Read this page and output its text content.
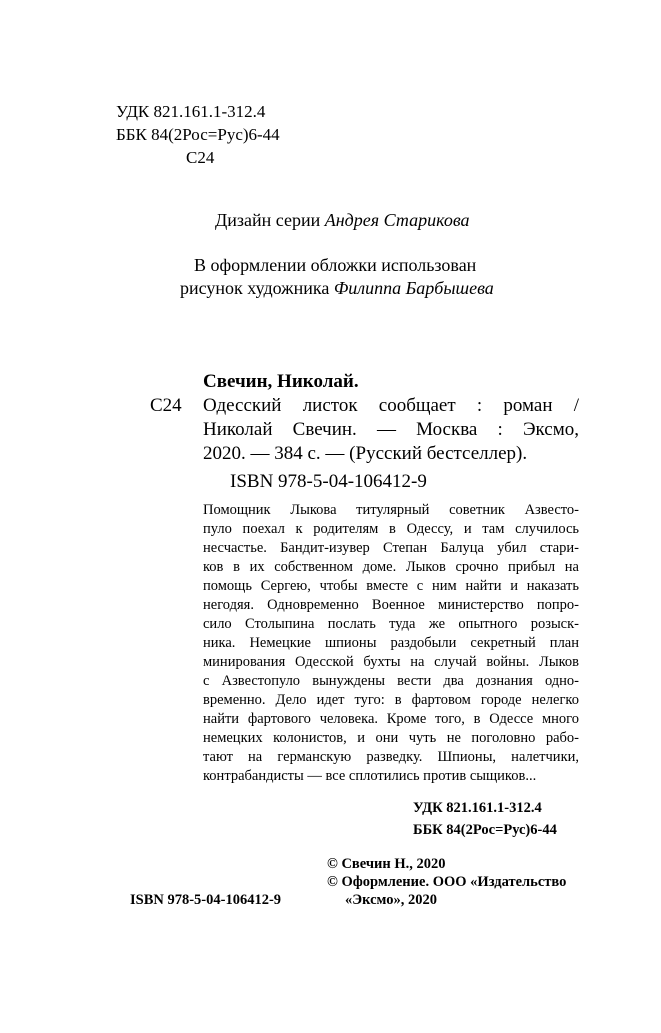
УДК 821.161.1-312.4
ББК 84(2Рос=Рус)6-44
С24
Дизайн серии Андрея Старикова
В оформлении обложки использован
рисунок художника Филиппа Барбышева
Свечин, Николай.
С24 Одесский листок сообщает : роман /
Николай Свечин. — Москва : Эксмо,
2020. — 384 с. — (Русский бестселлер).
ISBN 978-5-04-106412-9
Помощник Лыкова титулярный советник Азвесто-
пуло поехал к родителям в Одессу, и там случилось
несчастье. Бандит-изувер Степан Балуца убил стари-
ков в их собственном доме. Лыков срочно прибыл на
помощь Сергею, чтобы вместе с ним найти и наказать
негодяя. Одновременно Военное министерство попро-
сило Столыпина послать туда же опытного розыск-
ника. Немецкие шпионы раздобыли секретный план
минирования Одесской бухты на случай войны. Лыков
с Азвестопуло вынуждены вести два дознания одно-
временно. Дело идет туго: в фартовом городе нелегко
найти фартового человека. Кроме того, в Одессе много
немецких колонистов, и они чуть не поголовно рабо-
тают на германскую разведку. Шпионы, налетчики,
контрабандисты — все сплотились против сыщиков...
УДК 821.161.1-312.4
ББК 84(2Рос=Рус)6-44
© Свечин Н., 2020
© Оформление. ООО «Издательство
«Эксмо», 2020
ISBN 978-5-04-106412-9
